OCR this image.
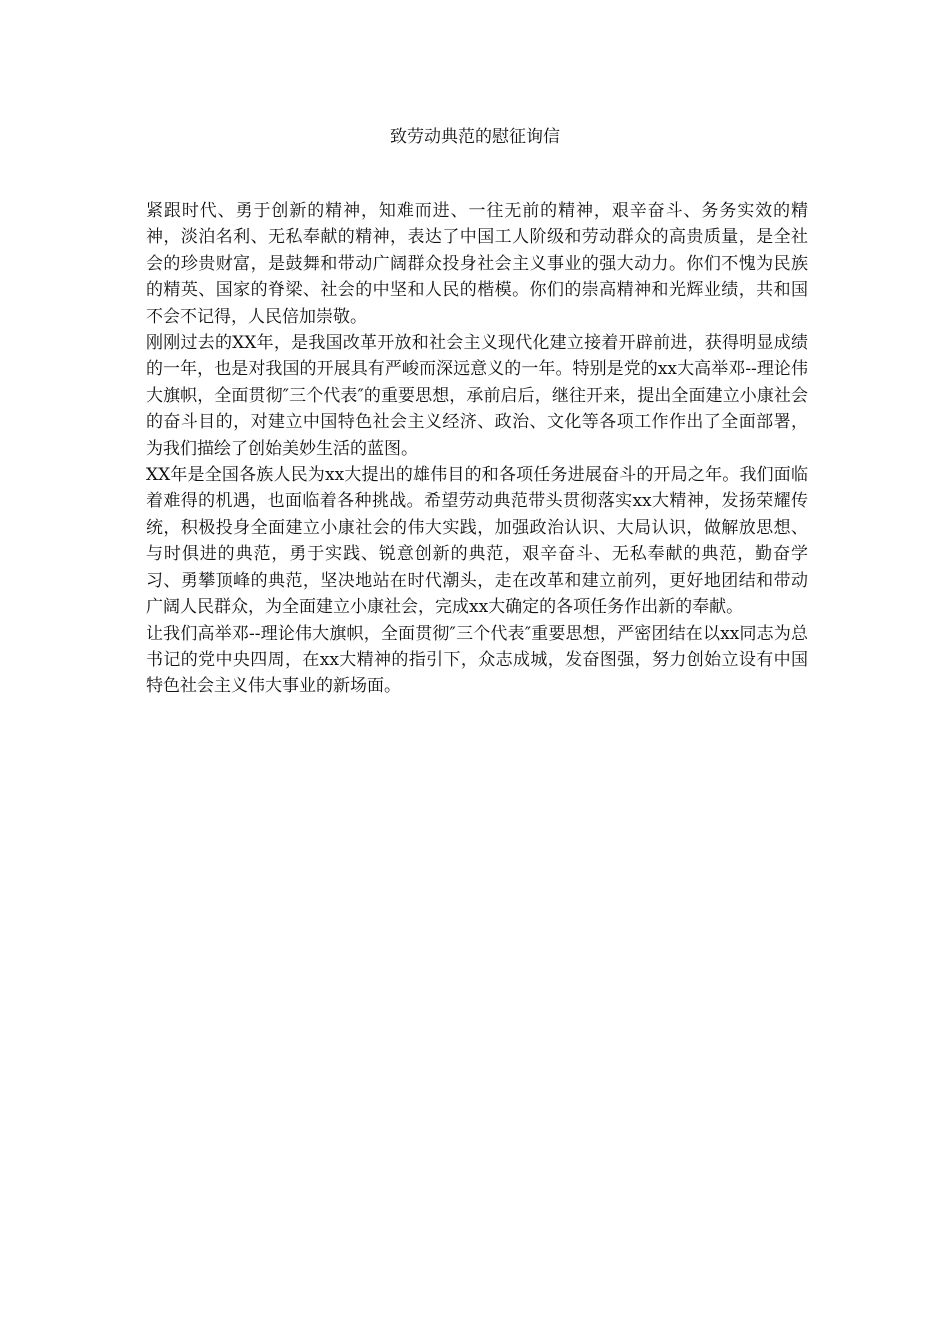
致劳动典范的慰征询信

紧跟时代、勇于创新的精神，知难而进、一往无前的精神，艰辛奋斗、务务实效的精神，淡泊名利、无私奉献的精神，表达了中国工人阶级和劳动群众的高贵质量，是全社会的珍贵财富，是鼓舞和带动广阔群众投身社会主义事业的强大动力。你们不愧为民族的精英、国家的脊梁、社会的中坚和人民的楷模。你们的崇高精神和光辉业绩，共和国不会不记得，人民倍加崇敬。

刚刚过去的XX年，是我国改革开放和社会主义现代化建立接着开辟前进，获得明显成绩的一年，也是对我国的开展具有严峻而深远意义的一年。特别是党的xx大高举邓--理论伟大旗帜，全面贯彻″三个代表″的重要思想，承前启后，继往开来，提出全面建立小康社会的奋斗目的，对建立中国特色社会主义经济、政治、文化等各项工作作出了全面部署，为我们描绘了创始美妙生活的蓝图。

XX年是全国各族人民为xx大提出的雄伟目的和各项任务进展奋斗的开局之年。我们面临着难得的机遇，也面临着各种挑战。希望劳动典范带头贯彻落实xx大精神，发扬荣耀传统，积极投身全面建立小康社会的伟大实践，加强政治认识、大局认识，做解放思想、与时俱进的典范，勇于实践、锐意创新的典范，艰辛奋斗、无私奉献的典范，勤奋学习、勇攀顶峰的典范，坚决地站在时代潮头，走在改革和建立前列，更好地团结和带动广阔人民群众，为全面建立小康社会，完成xx大确定的各项任务作出新的奉献。

让我们高举邓--理论伟大旗帜，全面贯彻″三个代表″重要思想，严密团结在以xx同志为总书记的党中央四周，在xx大精神的指引下，众志成城，发奋图强，努力创始立设有中国特色社会主义伟大事业的新场面。
